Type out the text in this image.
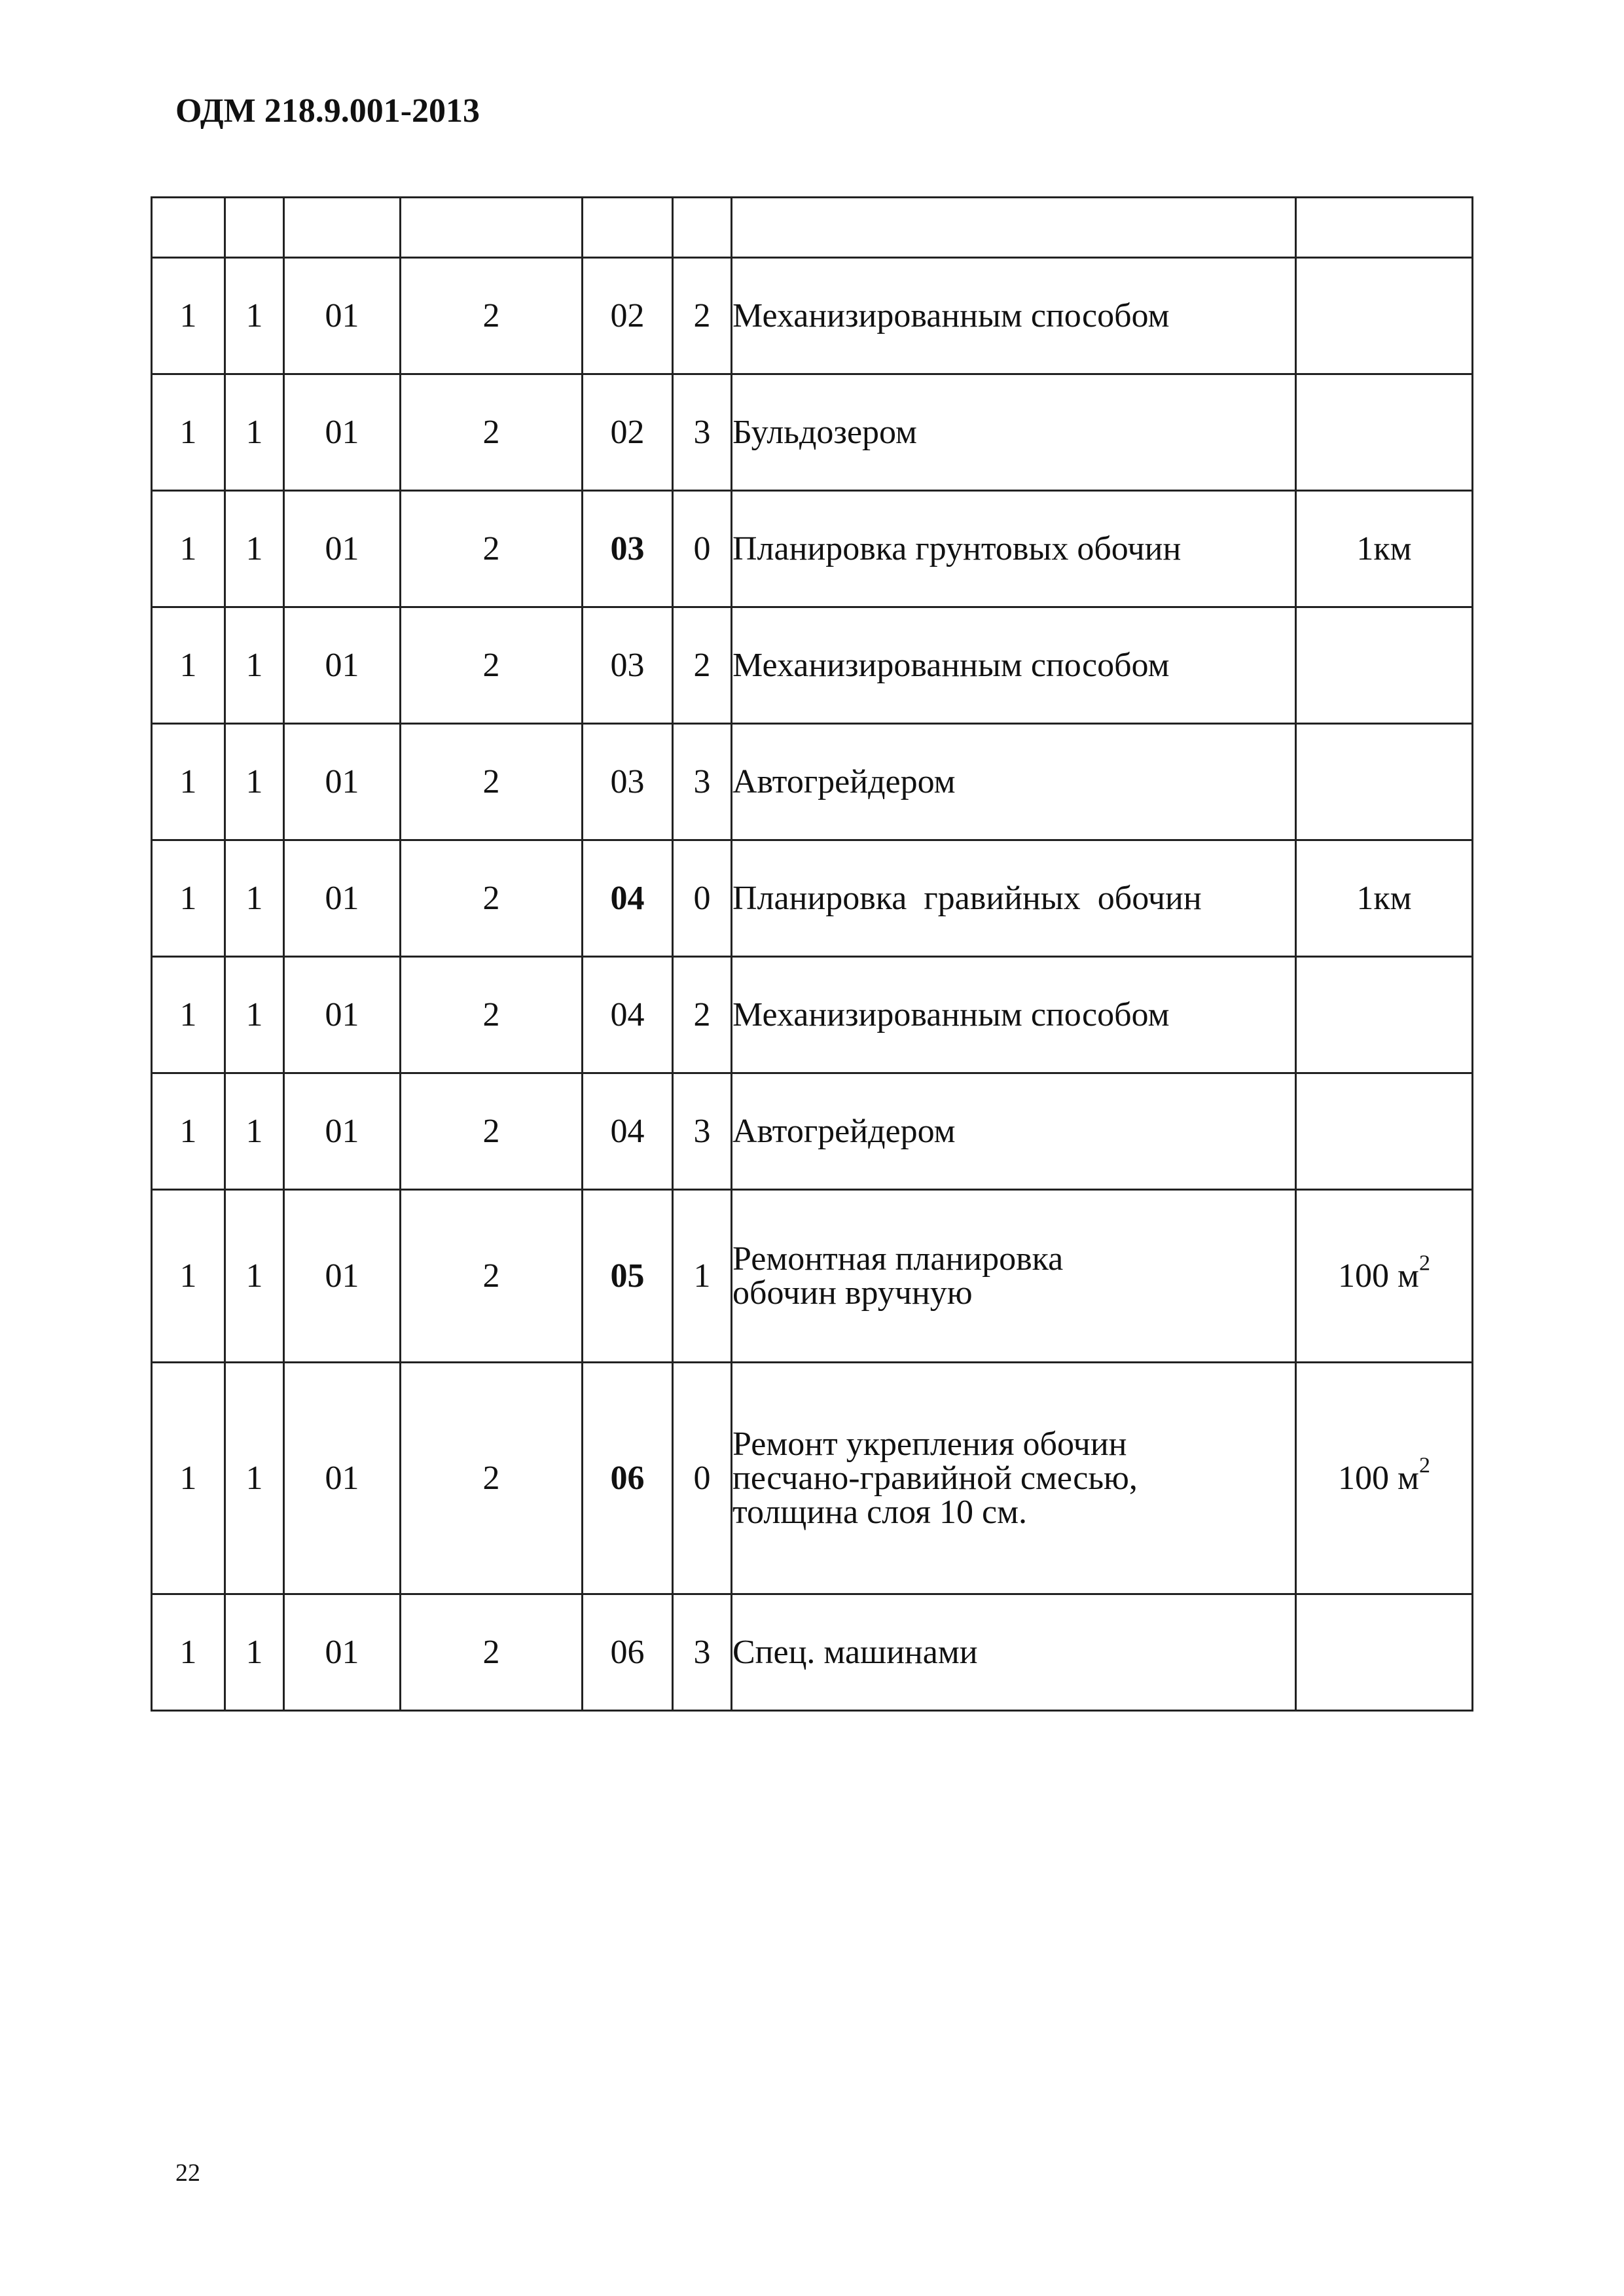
ОДМ 218.9.001-2013

1	1	01	2	02	2	Механизированным способом	

1	1	01	2	02	3	Бульдозером	

1	1	01	2	03	0	Планировка грунтовых обочин	1км
1	1	01	2	03	2	Механизированным способом	

1	1	01	2	03	3	Автогрейдером	

1	1	01	2	04	0	Планировка  гравийных  обочин	1км
1	1	01	2	04	2	Механизированным способом	

1	1	01	2	04	3	Автогрейдером	

1	1	01	2	05	1	Ремонтная планировка
обочин вручную	100 $м^2$
1	1	01	2	06	0	Ремонт укрепления обочин
песчано-гравийной смесью,
толщина слоя 10 см.	100 $м^2$
1	1	01	2	06	3	Спец. машинами	

22
